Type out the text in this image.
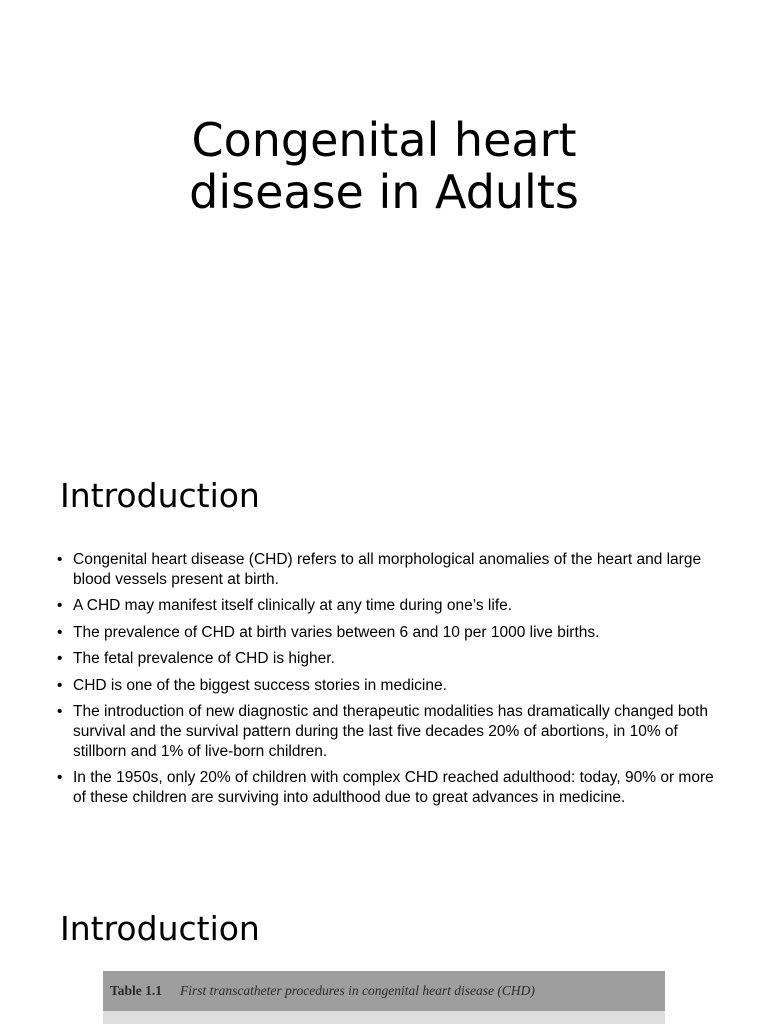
Congenital heart
disease in Adults
Introduction
• Congenital heart disease (CHD) refers to all morphological anomalies of the heart and large blood vessels present at birth.
• A CHD may manifest itself clinically at any time during one’s life.
• The prevalence of CHD at birth varies between 6 and 10 per 1000 live births.
• The fetal prevalence of CHD is higher.
• CHD is one of the biggest success stories in medicine.
• The introduction of new diagnostic and therapeutic modalities has dramatically changed both survival and the survival pattern during the last five decades 20% of abortions, in 10% of stillborn and 1% of live-born children.
• In the 1950s, only 20% of children with complex CHD reached adulthood: today, 90% or more of these children are surviving into adulthood due to great advances in medicine.
Introduction
Table 1.1 First transcatheter procedures in congenital heart disease (CHD)
